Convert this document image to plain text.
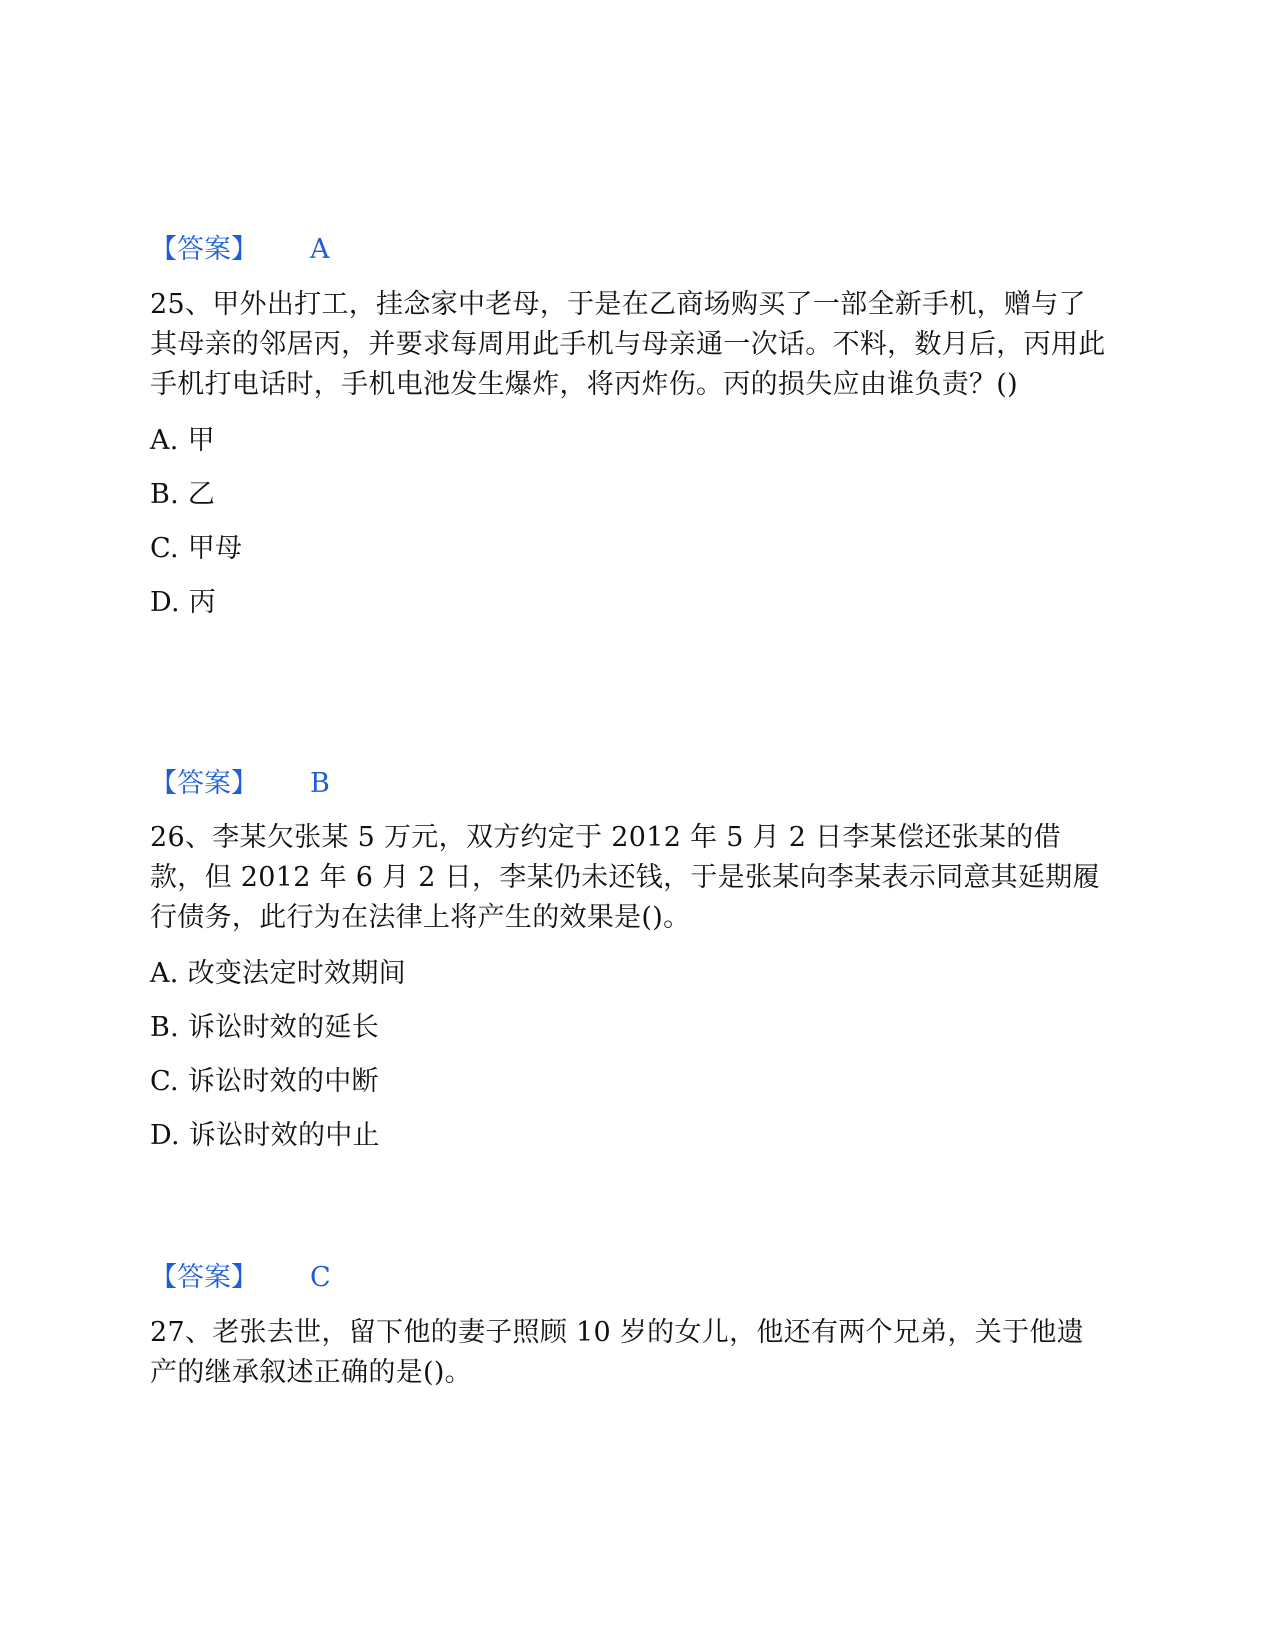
【答案】 A

25、甲外出打工，挂念家中老母，于是在乙商场购买了一部全新手机，赠与了其母亲的邻居丙，并要求每周用此手机与母亲通一次话。不料，数月后，丙用此手机打电话时，手机电池发生爆炸，将丙炸伤。丙的损失应由谁负责？()

A. 甲

B. 乙

C. 甲母

D. 丙

【答案】 B

26、李某欠张某 5 万元，双方约定于 2012 年 5 月 2 日李某偿还张某的借款，但 2012 年 6 月 2 日，李某仍未还钱，于是张某向李某表示同意其延期履行债务，此行为在法律上将产生的效果是()。

A. 改变法定时效期间

B. 诉讼时效的延长

C. 诉讼时效的中断

D. 诉讼时效的中止

【答案】 C

27、老张去世，留下他的妻子照顾 10 岁的女儿，他还有两个兄弟，关于他遗产的继承叙述正确的是()。
